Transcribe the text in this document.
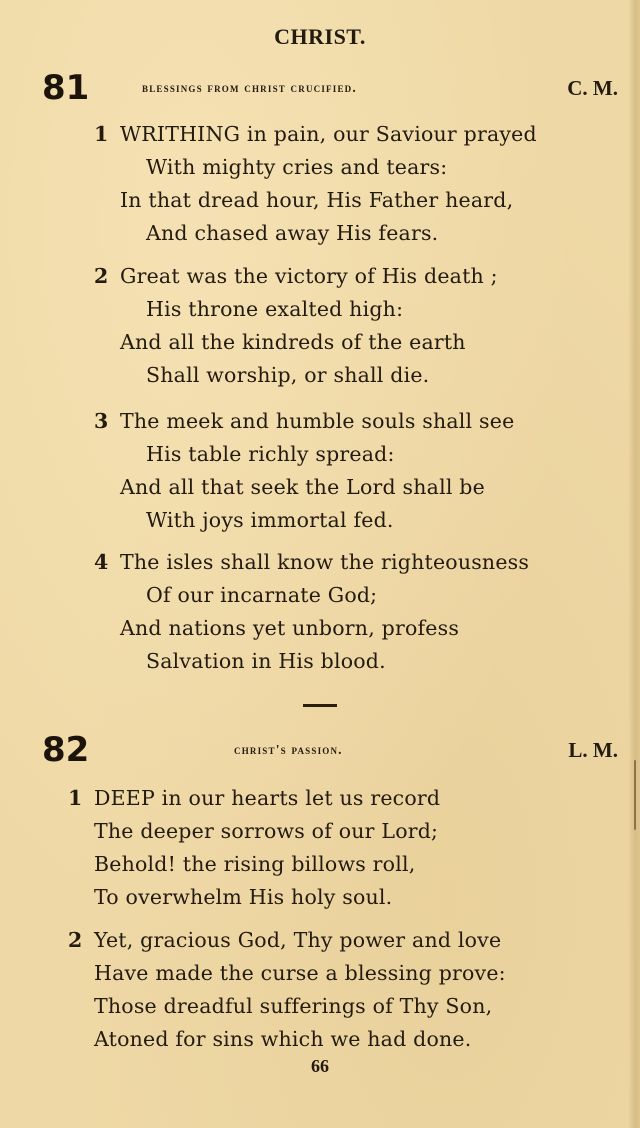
CHRIST.
81	blessings from christ crucified.	C. M.
1 WRITHING in pain, our Saviour prayed
With mighty cries and tears:
In that dread hour, His Father heard,
And chased away His fears.
2 Great was the victory of His death ;
His throne exalted high:
And all the kindreds of the earth
Shall worship, or shall die.
3 The meek and humble souls shall see
His table richly spread:
And all that seek the Lord shall be
With joys immortal fed.
4 The isles shall know the righteousness
Of our incarnate God;
And nations yet unborn, profess
Salvation in His blood.
82	christ's passion.	L. M.
1 DEEP in our hearts let us record
The deeper sorrows of our Lord;
Behold! the rising billows roll,
To overwhelm His holy soul.
2 Yet, gracious God, Thy power and love
Have made the curse a blessing prove:
Those dreadful sufferings of Thy Son,
Atoned for sins which we had done.
66
